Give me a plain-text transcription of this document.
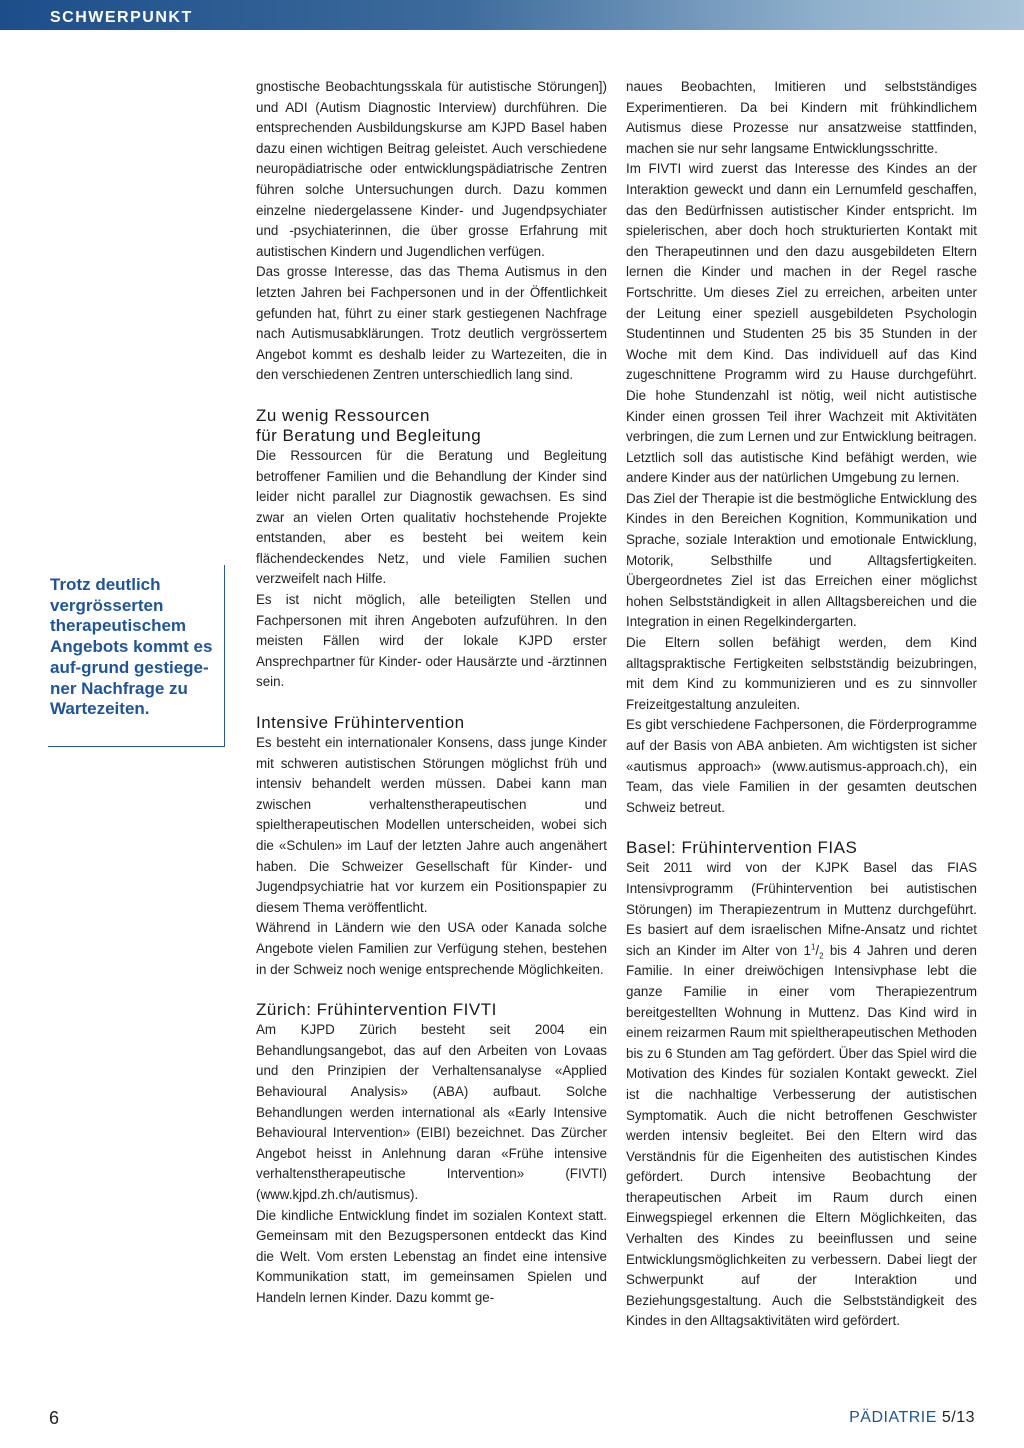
SCHWERPUNKT
Trotz deutlich vergrösserten therapeutischem Angebots kommt es auf-grund gestiege-ner Nachfrage zu Wartezeiten.

gnostische Beobachtungsskala für autistische Störungen]) und ADI (Autism Diagnostic Interview) durchführen. Die entsprechenden Ausbildungskurse am KJPD Basel haben dazu einen wichtigen Beitrag geleistet. Auch verschiedene neuropädiatrische oder entwicklungspädiatrische Zentren führen solche Untersuchungen durch. Dazu kommen einzelne niedergelassene Kinder- und Jugendpsychiater und -psychiaterinnen, die über grosse Erfahrung mit autistischen Kindern und Jugendlichen verfügen.

Das grosse Interesse, das das Thema Autismus in den letzten Jahren bei Fachpersonen und in der Öffentlichkeit gefunden hat, führt zu einer stark gestiegenen Nachfrage nach Autismusabklärungen. Trotz deutlich vergrössertem Angebot kommt es deshalb leider zu Wartezeiten, die in den verschiedenen Zentren unterschiedlich lang sind.

Zu wenig Ressourcen
für Beratung und Begleitung

Die Ressourcen für die Beratung und Begleitung betroffener Familien und die Behandlung der Kinder sind leider nicht parallel zur Diagnostik gewachsen. Es sind zwar an vielen Orten qualitativ hochstehende Projekte entstanden, aber es besteht bei weitem kein flächendeckendes Netz, und viele Familien suchen verzweifelt nach Hilfe.

Es ist nicht möglich, alle beteiligten Stellen und Fachpersonen mit ihren Angeboten aufzuführen. In den meisten Fällen wird der lokale KJPD erster Ansprechpartner für Kinder- oder Hausärzte und -ärztinnen sein.

Intensive Frühintervention

Es besteht ein internationaler Konsens, dass junge Kinder mit schweren autistischen Störungen möglichst früh und intensiv behandelt werden müssen. Dabei kann man zwischen verhaltenstherapeutischen und spieltherapeutischen Modellen unterscheiden, wobei sich die «Schulen» im Lauf der letzten Jahre auch angenähert haben. Die Schweizer Gesellschaft für Kinder- und Jugendpsychiatrie hat vor kurzem ein Positionspapier zu diesem Thema veröffentlicht.

Während in Ländern wie den USA oder Kanada solche Angebote vielen Familien zur Verfügung stehen, bestehen in der Schweiz noch wenige entsprechende Möglichkeiten.

Zürich: Frühintervention FIVTI

Am KJPD Zürich besteht seit 2004 ein Behandlungsangebot, das auf den Arbeiten von Lovaas und den Prinzipien der Verhaltensanalyse «Applied Behavioural Analysis» (ABA) aufbaut. Solche Behandlungen werden international als «Early Intensive Behavioural Intervention» (EIBI) bezeichnet. Das Zürcher Angebot heisst in Anlehnung daran «Frühe intensive verhaltenstherapeutische Intervention» (FIVTI) (www.kjpd.zh.ch/autismus).

Die kindliche Entwicklung findet im sozialen Kontext statt. Gemeinsam mit den Bezugspersonen entdeckt das Kind die Welt. Vom ersten Lebenstag an findet eine intensive Kommunikation statt, im gemeinsamen Spielen und Handeln lernen Kinder. Dazu kommt ge-

naues Beobachten, Imitieren und selbstständiges Experimentieren. Da bei Kindern mit frühkindlichem Autismus diese Prozesse nur ansatzweise stattfinden, machen sie nur sehr langsame Entwicklungsschritte.

Im FIVTI wird zuerst das Interesse des Kindes an der Interaktion geweckt und dann ein Lernumfeld geschaffen, das den Bedürfnissen autistischer Kinder entspricht. Im spielerischen, aber doch hoch strukturierten Kontakt mit den Therapeutinnen und den dazu ausgebildeten Eltern lernen die Kinder und machen in der Regel rasche Fortschritte. Um dieses Ziel zu erreichen, arbeiten unter der Leitung einer speziell ausgebildeten Psychologin Studentinnen und Studenten 25 bis 35 Stunden in der Woche mit dem Kind. Das individuell auf das Kind zugeschnittene Programm wird zu Hause durchgeführt. Die hohe Stundenzahl ist nötig, weil nicht autistische Kinder einen grossen Teil ihrer Wachzeit mit Aktivitäten verbringen, die zum Lernen und zur Entwicklung beitragen. Letztlich soll das autistische Kind befähigt werden, wie andere Kinder aus der natürlichen Umgebung zu lernen.

Das Ziel der Therapie ist die bestmögliche Entwicklung des Kindes in den Bereichen Kognition, Kommunikation und Sprache, soziale Interaktion und emotionale Entwicklung, Motorik, Selbsthilfe und Alltagsfertigkeiten. Übergeordnetes Ziel ist das Erreichen einer möglichst hohen Selbstständigkeit in allen Alltagsbereichen und die Integration in einen Regelkindergarten.

Die Eltern sollen befähigt werden, dem Kind alltagspraktische Fertigkeiten selbstständig beizubringen, mit dem Kind zu kommunizieren und es zu sinnvoller Freizeitgestaltung anzuleiten.

Es gibt verschiedene Fachpersonen, die Förderprogramme auf der Basis von ABA anbieten. Am wichtigsten ist sicher «autismus approach» (www.autismus-approach.ch), ein Team, das viele Familien in der gesamten deutschen Schweiz betreut.

Basel: Frühintervention FIAS

Seit 2011 wird von der KJPK Basel das FIAS Intensivprogramm (Frühintervention bei autistischen Störungen) im Therapiezentrum in Muttenz durchgeführt. Es basiert auf dem israelischen Mifne-Ansatz und richtet sich an Kinder im Alter von $1^1/_2$ bis 4 Jahren und deren Familie. In einer dreiwöchigen Intensivphase lebt die ganze Familie in einer vom Therapiezentrum bereitgestellten Wohnung in Muttenz. Das Kind wird in einem reizarmen Raum mit spieltherapeutischen Methoden bis zu 6 Stunden am Tag gefördert. Über das Spiel wird die Motivation des Kindes für sozialen Kontakt geweckt. Ziel ist die nachhaltige Verbesserung der autistischen Symptomatik. Auch die nicht betroffenen Geschwister werden intensiv begleitet. Bei den Eltern wird das Verständnis für die Eigenheiten des autistischen Kindes gefördert. Durch intensive Beobachtung der therapeutischen Arbeit im Raum durch einen Einwegspiegel erkennen die Eltern Möglichkeiten, das Verhalten des Kindes zu beeinflussen und seine Entwicklungsmöglichkeiten zu verbessern. Dabei liegt der Schwerpunkt auf der Interaktion und Beziehungsgestaltung. Auch die Selbstständigkeit des Kindes in den Alltagsaktivitäten wird gefördert.

6	PÄDIATRIE 5/13
